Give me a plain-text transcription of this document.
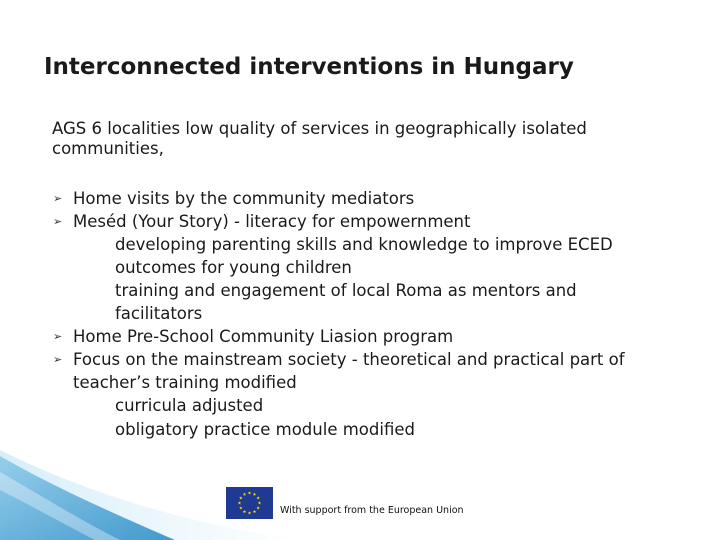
Interconnected interventions in Hungary
AGS 6 localities low quality of services in geographically isolated communities,
➢ Home visits by the community mediators
➢ Meséd (Your Story) - literacy for empowernment
developing parenting skills and knowledge to improve ECED outcomes for young children
training and engagement of local Roma as mentors and facilitators
➢ Home Pre-School Community Liasion program
➢ Focus on the mainstream society - theoretical and practical part of teacher’s training modified
curricula adjusted
obligatory practice module modified
With support from the European Union
